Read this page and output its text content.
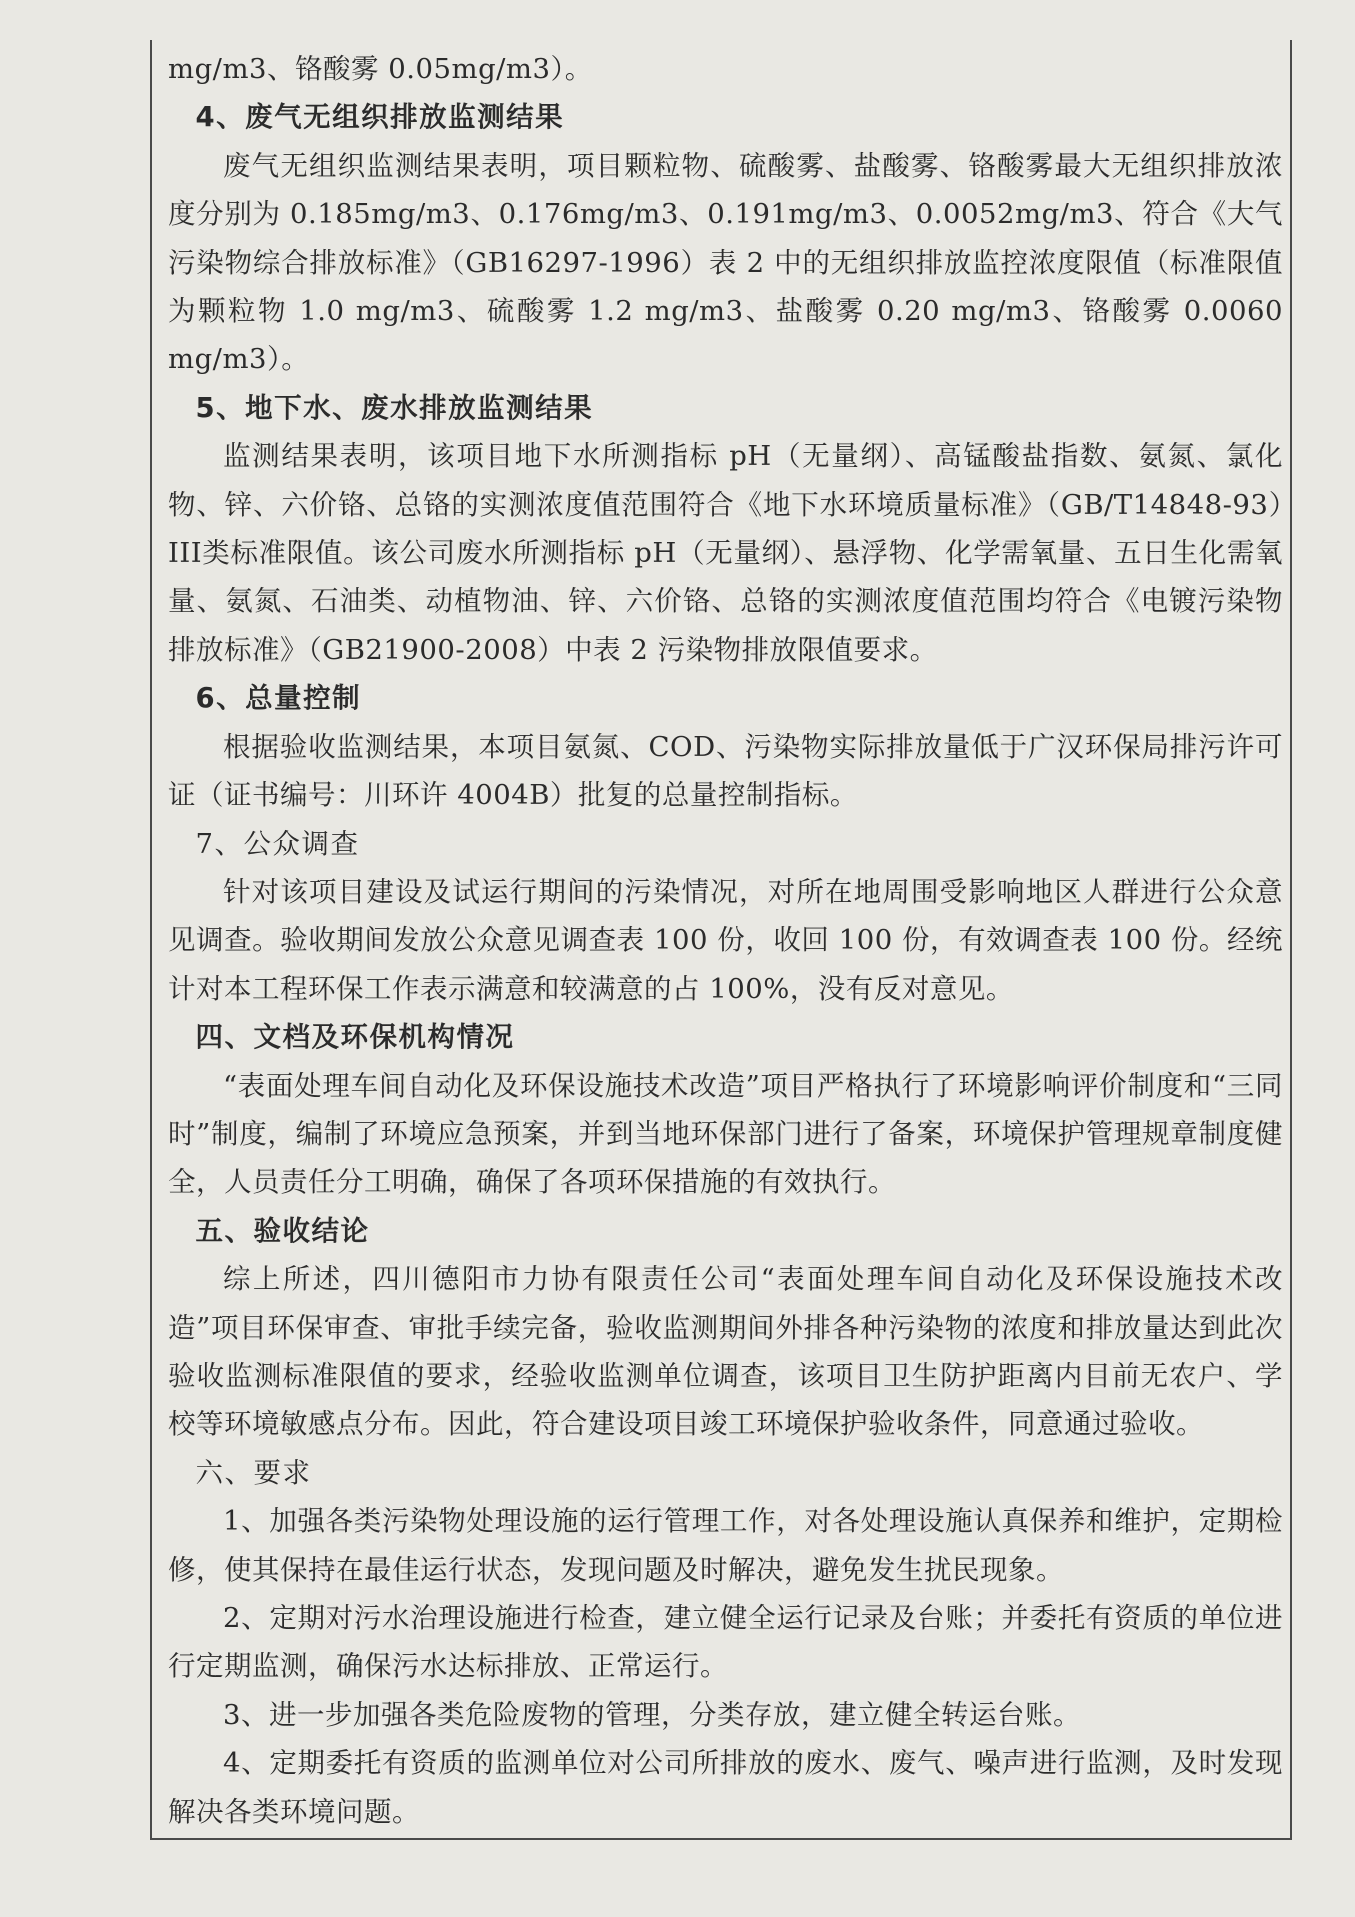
mg/m3、铬酸雾 0.05mg/m3）。

4、废气无组织排放监测结果

废气无组织监测结果表明，项目颗粒物、硫酸雾、盐酸雾、铬酸雾最大无组织排放浓度分别为 0.185mg/m3、0.176mg/m3、0.191mg/m3、0.0052mg/m3、符合《大气污染物综合排放标准》（GB16297-1996）表 2 中的无组织排放监控浓度限值（标准限值为颗粒物 1.0 mg/m3、硫酸雾 1.2 mg/m3、盐酸雾 0.20 mg/m3、铬酸雾 0.0060 mg/m3）。

5、地下水、废水排放监测结果

监测结果表明，该项目地下水所测指标 pH（无量纲）、高锰酸盐指数、氨氮、氯化物、锌、六价铬、总铬的实测浓度值范围符合《地下水环境质量标准》（GB/T14848-93）III类标准限值。该公司废水所测指标 pH（无量纲）、悬浮物、化学需氧量、五日生化需氧量、氨氮、石油类、动植物油、锌、六价铬、总铬的实测浓度值范围均符合《电镀污染物排放标准》（GB21900-2008）中表 2 污染物排放限值要求。

6、总量控制

根据验收监测结果，本项目氨氮、COD、污染物实际排放量低于广汉环保局排污许可证（证书编号：川环许 4004B）批复的总量控制指标。

7、公众调查

针对该项目建设及试运行期间的污染情况，对所在地周围受影响地区人群进行公众意见调查。验收期间发放公众意见调查表 100 份，收回 100 份，有效调查表 100 份。经统计对本工程环保工作表示满意和较满意的占 100%，没有反对意见。

四、文档及环保机构情况

“表面处理车间自动化及环保设施技术改造”项目严格执行了环境影响评价制度和“三同时”制度，编制了环境应急预案，并到当地环保部门进行了备案，环境保护管理规章制度健全，人员责任分工明确，确保了各项环保措施的有效执行。

五、验收结论

综上所述，四川德阳市力协有限责任公司“表面处理车间自动化及环保设施技术改造”项目环保审查、审批手续完备，验收监测期间外排各种污染物的浓度和排放量达到此次验收监测标准限值的要求，经验收监测单位调查，该项目卫生防护距离内目前无农户、学校等环境敏感点分布。因此，符合建设项目竣工环境保护验收条件，同意通过验收。

六、要求

1、加强各类污染物处理设施的运行管理工作，对各处理设施认真保养和维护，定期检修，使其保持在最佳运行状态，发现问题及时解决，避免发生扰民现象。

2、定期对污水治理设施进行检查，建立健全运行记录及台账；并委托有资质的单位进行定期监测，确保污水达标排放、正常运行。

3、进一步加强各类危险废物的管理，分类存放，建立健全转运台账。

4、定期委托有资质的监测单位对公司所排放的废水、废气、噪声进行监测，及时发现解决各类环境问题。
